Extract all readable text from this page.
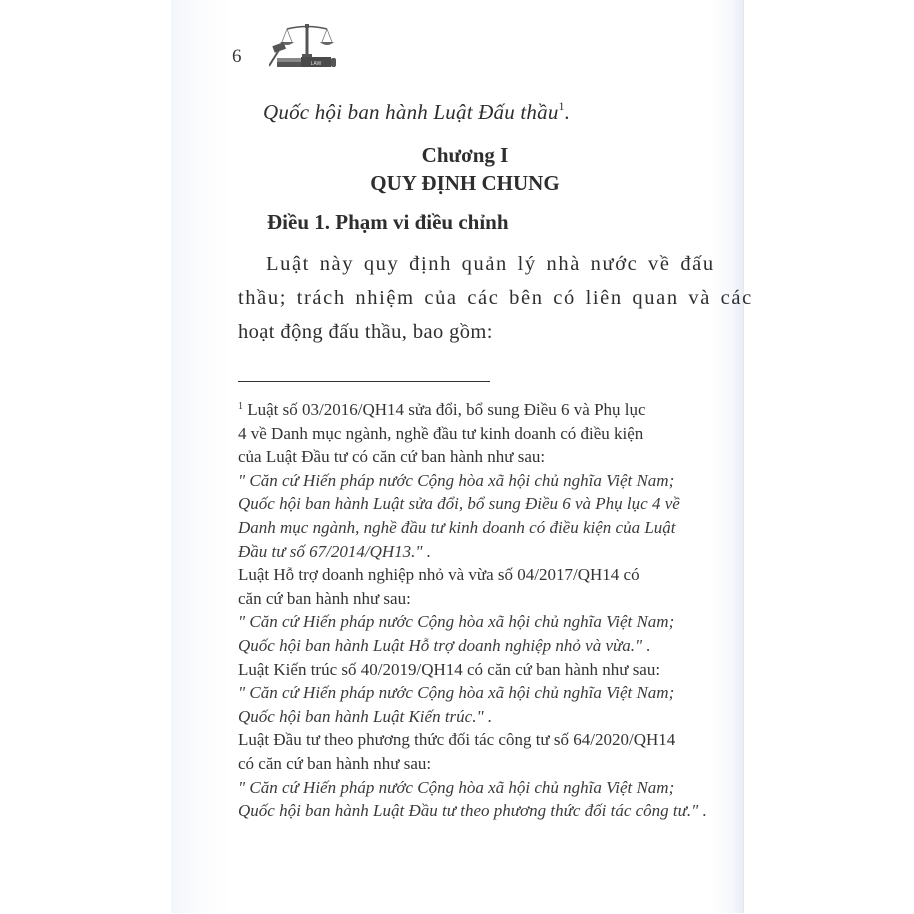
6	LAW
Quốc hội ban hành Luật Đấu thầu$^1$.
Chương I
QUY ĐỊNH CHUNG
Điều 1. Phạm vi điều chỉnh
Luật này quy định quản lý nhà nước về đấu
thầu; trách nhiệm của các bên có liên quan và các
hoạt động đấu thầu, bao gồm:
$^1$ Luật số 03/2016/QH14 sửa đổi, bổ sung Điều 6 và Phụ lục
4 về Danh mục ngành, nghề đầu tư kinh doanh có điều kiện
của Luật Đầu tư có căn cứ ban hành như sau:
" Căn cứ Hiến pháp nước Cộng hòa xã hội chủ nghĩa Việt Nam;
Quốc hội ban hành Luật sửa đổi, bổ sung Điều 6 và Phụ lục 4 về
Danh mục ngành, nghề đầu tư kinh doanh có điều kiện của Luật
Đầu tư số 67/2014/QH13." .
Luật Hỗ trợ doanh nghiệp nhỏ và vừa số 04/2017/QH14 có
căn cứ ban hành như sau:
" Căn cứ Hiến pháp nước Cộng hòa xã hội chủ nghĩa Việt Nam;
Quốc hội ban hành Luật Hỗ trợ doanh nghiệp nhỏ và vừa." .
Luật Kiến trúc số 40/2019/QH14 có căn cứ ban hành như sau:
" Căn cứ Hiến pháp nước Cộng hòa xã hội chủ nghĩa Việt Nam;
Quốc hội ban hành Luật Kiến trúc." .
Luật Đầu tư theo phương thức đối tác công tư số 64/2020/QH14
có căn cứ ban hành như sau:
" Căn cứ Hiến pháp nước Cộng hòa xã hội chủ nghĩa Việt Nam;
Quốc hội ban hành Luật Đầu tư theo phương thức đối tác công tư." .
